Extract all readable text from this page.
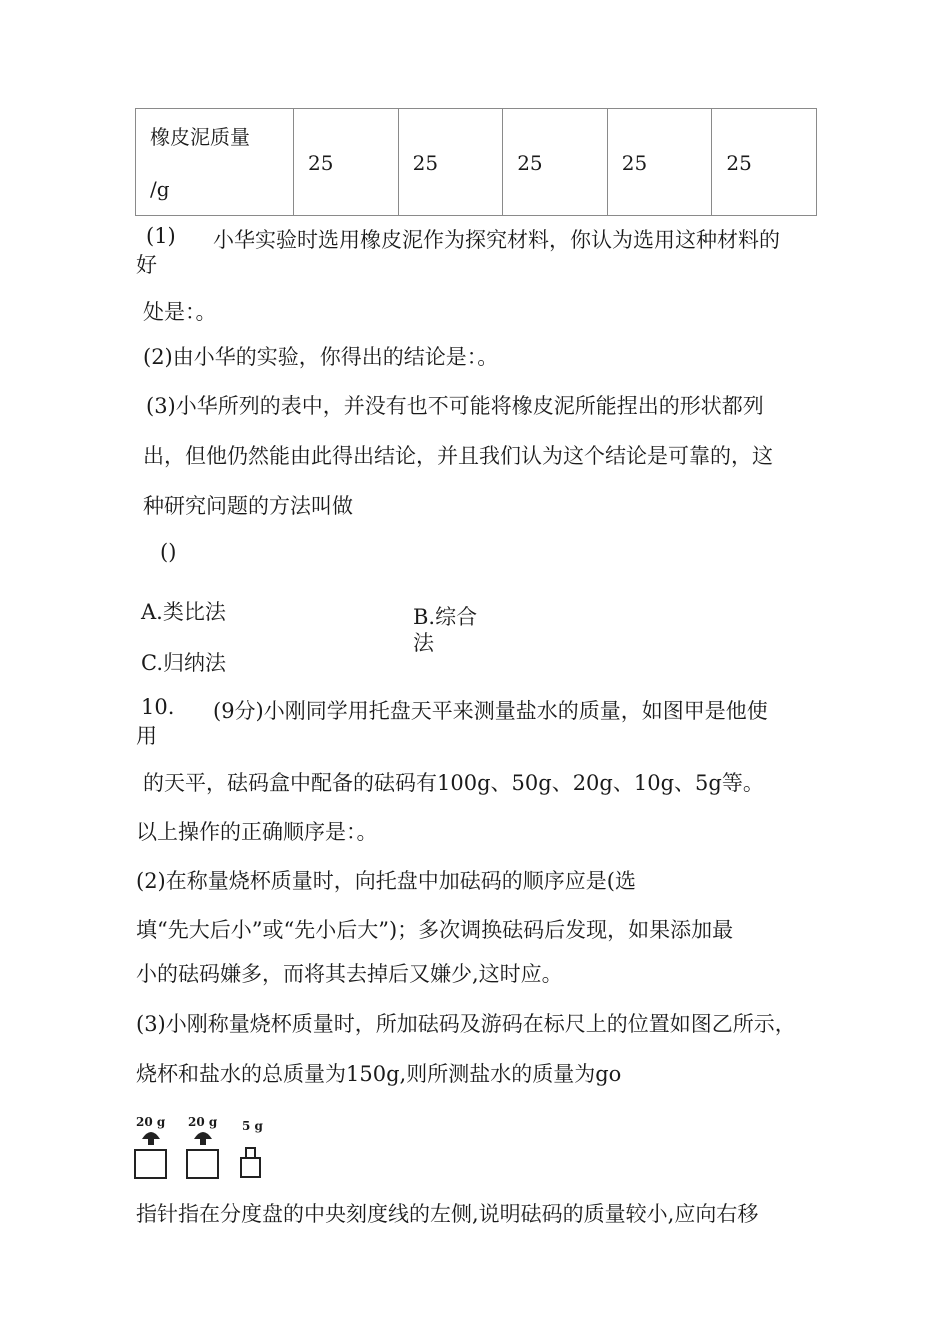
橡皮泥质量
/g
	25	25	25	25	25
(1) 小华实验时选用橡皮泥作为探究材料，你认为选用这种材料的
好
处是：。
(2)由小华的实验，你得出的结论是：。
(3)小华所列的表中，并没有也不可能将橡皮泥所能捏出的形状都列
出，但他仍然能由此得出结论，并且我们认为这个结论是可靠的，这
种研究问题的方法叫做
()
A.类比法	B.综合
法
C.归纳法
10. (9分)小刚同学用托盘天平来测量盐水的质量，如图甲是他使
用
的天平，砝码盒中配备的砝码有100g、50g、20g、10g、5g等。
以上操作的正确顺序是：。
(2)在称量烧杯质量时，向托盘中加砝码的顺序应是(选
填“先大后小”或“先小后大”)；多次调换砝码后发现，如果添加最
小的砝码嫌多，而将其去掉后又嫌少,这时应。
(3)小刚称量烧杯质量时，所加砝码及游码在标尺上的位置如图乙所示，
烧杯和盐水的总质量为150g,则所测盐水的质量为go
20 g 20 g 5 g
指针指在分度盘的中央刻度线的左侧,说明砝码的质量较小,应向右移
